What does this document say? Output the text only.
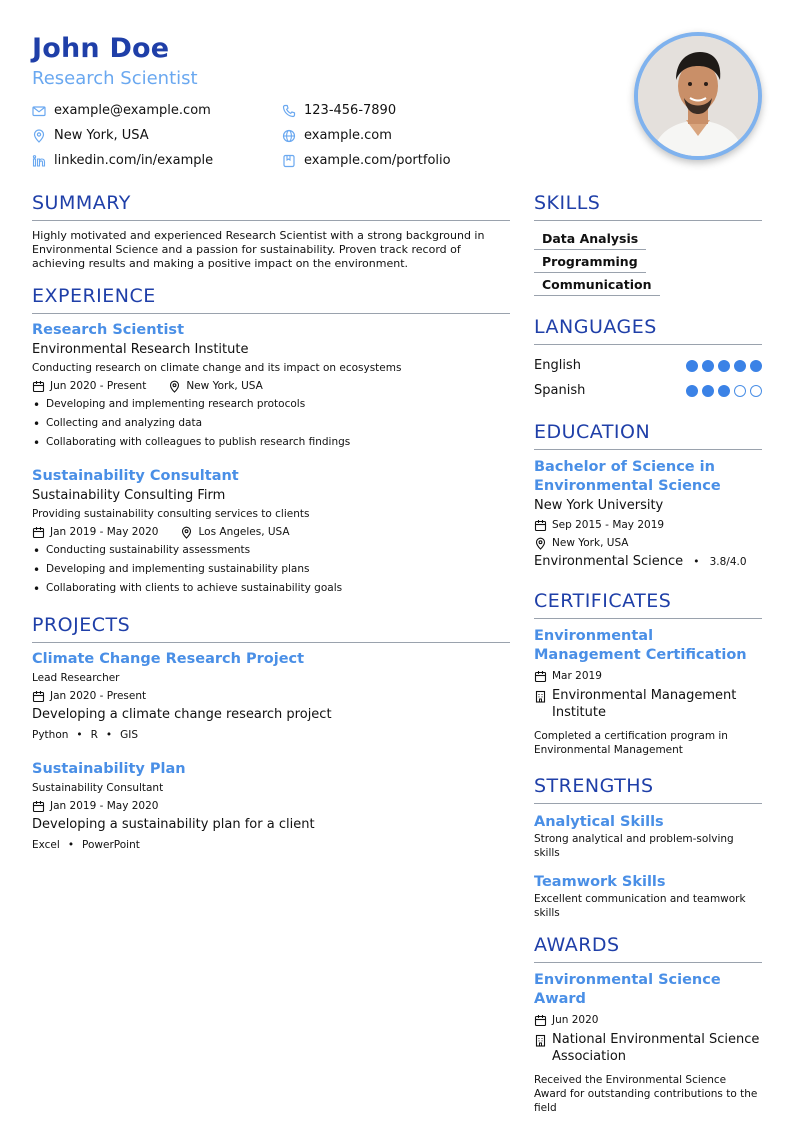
John Doe
Research Scientist
example@example.com	123-456-7890
New York, USA	example.com
linkedin.com/in/example	example.com/portfolio
SUMMARY
Highly motivated and experienced Research Scientist with a strong background in Environmental Science and a passion for sustainability. Proven track record of achieving results and making a positive impact on the environment.
EXPERIENCE
Research Scientist
Environmental Research Institute
Conducting research on climate change and its impact on ecosystems
Jun 2020 - Present	New York, USA
• Developing and implementing research protocols
• Collecting and analyzing data
• Collaborating with colleagues to publish research findings
Sustainability Consultant
Sustainability Consulting Firm
Providing sustainability consulting services to clients
Jan 2019 - May 2020	Los Angeles, USA
• Conducting sustainability assessments
• Developing and implementing sustainability plans
• Collaborating with clients to achieve sustainability goals
PROJECTS
Climate Change Research Project
Lead Researcher
Jan 2020 - Present
Developing a climate change research project
Python • R • GIS
Sustainability Plan
Sustainability Consultant
Jan 2019 - May 2020
Developing a sustainability plan for a client
Excel • PowerPoint
SKILLS
Data Analysis
Programming
Communication
LANGUAGES
English
Spanish
EDUCATION
Bachelor of Science in Environmental Science
New York University
Sep 2015 - May 2019
New York, USA
Environmental Science • 3.8/4.0
CERTIFICATES
Environmental Management Certification
Mar 2019
Environmental Management Institute
Completed a certification program in Environmental Management
STRENGTHS
Analytical Skills
Strong analytical and problem-solving skills
Teamwork Skills
Excellent communication and teamwork skills
AWARDS
Environmental Science Award
Jun 2020
National Environmental Science Association
Received the Environmental Science Award for outstanding contributions to the field
